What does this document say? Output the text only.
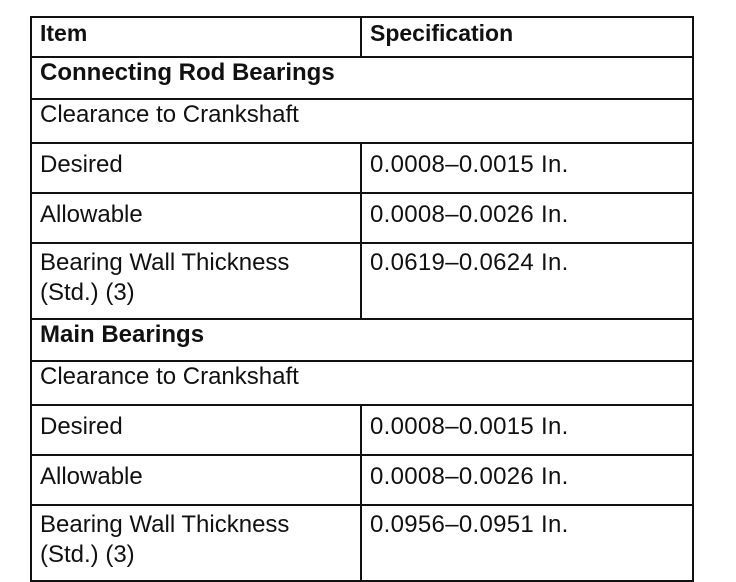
Item	Specification
Connecting Rod Bearings	
Clearance to Crankshaft	
Desired	0.0008–0.0015 In.
Allowable	0.0008–0.0026 In.

Bearing Wall Thickness
(Std.) (3)	0.0619–0.0624 In.
Main Bearings	
Clearance to Crankshaft	
Desired	0.0008–0.0015 In.
Allowable	0.0008–0.0026 In.

Bearing Wall Thickness
(Std.) (3)	0.0956–0.0951 In.
